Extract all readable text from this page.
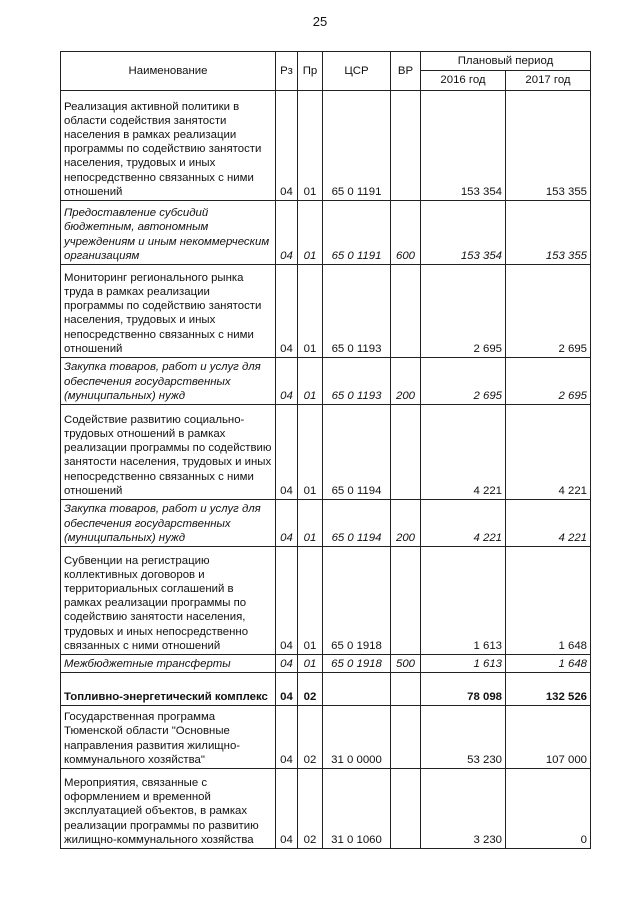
25
Наименование	Рз	Пр	ЦСР	ВР	Плановый период	
					2016 год	2017 год
Реализация активной политики в области содействия занятости населения в рамках реализации программы по содействию занятости населения, трудовых и иных непосредственно связанных с ними отношений	04	01	65 0 1191		153 354	153 355
Предоставление субсидий бюджетным, автономным учреждениям и иным некоммерческим организациям	04	01	65 0 1191	600	153 354	153 355
Мониторинг регионального рынка труда в рамках реализации программы по содействию занятости населения, трудовых и иных непосредственно связанных с ними отношений	04	01	65 0 1193		2 695	2 695
Закупка товаров, работ и услуг для обеспечения государственных (муниципальных) нужд	04	01	65 0 1193	200	2 695	2 695
Содействие развитию социально-трудовых отношений в рамках реализации программы по содействию занятости населения, трудовых и иных непосредственно связанных с ними отношений	04	01	65 0 1194		4 221	4 221
Закупка товаров, работ и услуг для обеспечения государственных (муниципальных) нужд	04	01	65 0 1194	200	4 221	4 221
Субвенции на регистрацию коллективных договоров и территориальных соглашений в рамках реализации программы по содействию занятости населения, трудовых и иных непосредственно связанных с ними отношений	04	01	65 0 1918		1 613	1 648
Межбюджетные трансферты	04	01	65 0 1918	500	1 613	1 648
Топливно-энергетический комплекс	04	02			78 098	132 526
Государственная программа Тюменской области "Основные направления развития жилищно-коммунального хозяйства"	04	02	31 0 0000		53 230	107 000
Мероприятия, связанные с оформлением и временной эксплуатацией объектов, в рамках реализации программы по развитию жилищно-коммунального хозяйства	04	02	31 0 1060		3 230	0
